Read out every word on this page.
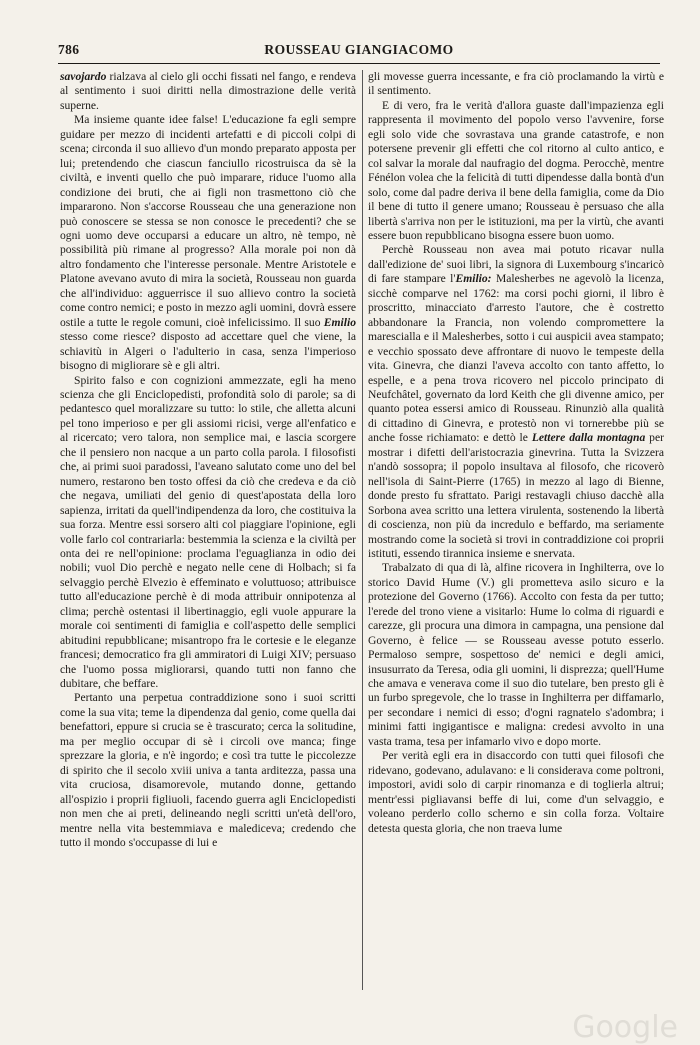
786	ROUSSEAU GIANGIACOMO

savojardo rialzava al cielo gli occhi fissati nel fango, e rendeva al sentimento i suoi diritti nella dimostrazione delle verità superne.

Ma insieme quante idee false! L'educazione fa egli sempre guidare per mezzo di incidenti artefatti e di piccoli colpi di scena; circonda il suo allievo d'un mondo preparato apposta per lui; pretendendo che ciascun fanciullo ricostruisca da sè la civiltà, e inventi quello che può imparare, riduce l'uomo alla condizione dei bruti, che ai figli non trasmettono ciò che impararono. Non s'accorse Rousseau che una generazione non può conoscere se stessa se non conosce le precedenti? che se ogni uomo deve occuparsi a educare un altro, nè tempo, nè possibilità più rimane al progresso? Alla morale poi non dà altro fondamento che l'interesse personale. Mentre Aristotele e Platone avevano avuto di mira la società, Rousseau non guarda che all'individuo: agguerrisce il suo allievo contro la società come contro nemici; e posto in mezzo agli uomini, dovrà essere ostile a tutte le regole comuni, cioè infelicissimo. Il suo Emilio stesso come riesce? disposto ad accettare quel che viene, la schiavitù in Algeri o l'adulterio in casa, senza l'imperioso bisogno di migliorare sè e gli altri.

Spirito falso e con cognizioni ammezzate, egli ha meno scienza che gli Enciclopedisti, profondità solo di parole; sa di pedantesco quel moralizzare su tutto: lo stile, che alletta alcuni pel tono imperioso e per gli assiomi ricisi, verge all'enfatico e al ricercato; vero talora, non semplice mai, e lascia scorgere che il pensiero non nacque a un parto colla parola. I filosofisti che, ai primi suoi paradossi, l'aveano salutato come uno del bel numero, restarono ben tosto offesi da ciò che credeva e da ciò che negava, umiliati del genio di quest'apostata della loro sapienza, irritati da quell'indipendenza da loro, che costituiva la sua forza. Mentre essi sorsero alti col piaggiare l'opinione, egli volle farlo col contrariarla: bestemmia la scienza e la civiltà per onta dei re nell'opinione: proclama l'eguaglianza in odio dei nobili; vuol Dio perchè e negato nelle cene di Holbach; si fa selvaggio perchè Elvezio è effeminato e voluttuoso; attribuisce tutto all'educazione perchè è di moda attribuir onnipotenza al clima; perchè ostentasi il libertinaggio, egli vuole appurare la morale coi sentimenti di famiglia e coll'aspetto delle semplici abitudini repubblicane; misantropo fra le cortesie e le eleganze francesi; democratico fra gli ammiratori di Luigi XIV; persuaso che l'uomo possa migliorarsi, quando tutti non fanno che dubitare, che beffare.

Pertanto una perpetua contraddizione sono i suoi scritti come la sua vita; teme la dipendenza dal genio, come quella dai benefattori, eppure si crucia se è trascurato; cerca la solitudine, ma per meglio occupar di sè i circoli ove manca; finge sprezzare la gloria, e n'è ingordo; e così tra tutte le piccolezze di spirito che il secolo xviii univa a tanta arditezza, passa una vita cruciosa, disamorevole, mutando donne, gettando all'ospizio i proprii figliuoli, facendo guerra agli Enciclopedisti non men che ai preti, delineando negli scritti un'età dell'oro, mentre nella vita bestemmiava e malediceva; credendo che tutto il mondo s'occupasse di lui e

gli movesse guerra incessante, e fra ciò proclamando la virtù e il sentimento.

E di vero, fra le verità d'allora guaste dall'impazienza egli rappresenta il movimento del popolo verso l'avvenire, forse egli solo vide che sovrastava una grande catastrofe, e non potersene prevenir gli effetti che col ritorno al culto antico, e col salvar la morale dal naufragio del dogma. Perocchè, mentre Fénélon volea che la felicità di tutti dipendesse dalla bontà d'un solo, come dal padre deriva il bene della famiglia, come da Dio il bene di tutto il genere umano; Rousseau è persuaso che alla libertà s'arriva non per le istituzioni, ma per la virtù, che avanti essere buon repubblicano bisogna essere buon uomo.

Perchè Rousseau non avea mai potuto ricavar nulla dall'edizione de' suoi libri, la signora di Luxembourg s'incaricò di fare stampare l'Emilio: Malesherbes ne agevolò la licenza, sicchè comparve nel 1762: ma corsi pochi giorni, il libro è proscritto, minacciato d'arresto l'autore, che è costretto abbandonare la Francia, non volendo compromettere la marescialla e il Malesherbes, sotto i cui auspicii avea stampato; e vecchio spossato deve affrontare di nuovo le tempeste della vita. Ginevra, che dianzi l'aveva accolto con tanto affetto, lo espelle, e a pena trova ricovero nel piccolo principato di Neufchâtel, governato da lord Keith che gli divenne amico, per quanto potea essersi amico di Rousseau. Rinunziò alla qualità di cittadino di Ginevra, e protestò non vi tornerebbe più se anche fosse richiamato: e dettò le Lettere dalla montagna per mostrar i difetti dell'aristocrazia ginevrina. Tutta la Svizzera n'andò sossopra; il popolo insultava al filosofo, che ricoverò nell'isola di Saint-Pierre (1765) in mezzo al lago di Bienne, donde presto fu sfrattato. Parigi restavagli chiuso dacchè alla Sorbona avea scritto una lettera virulenta, sostenendo la libertà di coscienza, non più da incredulo e beffardo, ma seriamente mostrando come la società si trovi in contraddizione coi proprii istituti, essendo tirannica insieme e snervata.

Trabalzato di qua di là, alfine ricovera in Inghilterra, ove lo storico David Hume (V.) gli prometteva asilo sicuro e la protezione del Governo (1766). Accolto con festa da per tutto; l'erede del trono viene a visitarlo: Hume lo colma di riguardi e carezze, gli procura una dimora in campagna, una pensione dal Governo, è felice — se Rousseau avesse potuto esserlo. Permaloso sempre, sospettoso de' nemici e degli amici, insusurrato da Teresa, odia gli uomini, li disprezza; quell'Hume che amava e venerava come il suo dio tutelare, ben presto gli è un furbo spregevole, che lo trasse in Inghilterra per diffamarlo, per secondare i nemici di esso; d'ogni ragnatelo s'adombra; i minimi fatti ingigantisce e maligna: credesi avvolto in una vasta trama, tesa per infamarlo vivo e dopo morte.

Per verità egli era in disaccordo con tutti quei filosofi che ridevano, godevano, adulavano: e li considerava come poltroni, impostori, avidi solo di carpir rinomanza e di toglierla altrui; mentr'essi pigliavansi beffe di lui, come d'un selvaggio, e voleano perderlo collo scherno e sin colla forza. Voltaire detesta questa gloria, che non traeva lume

Google
